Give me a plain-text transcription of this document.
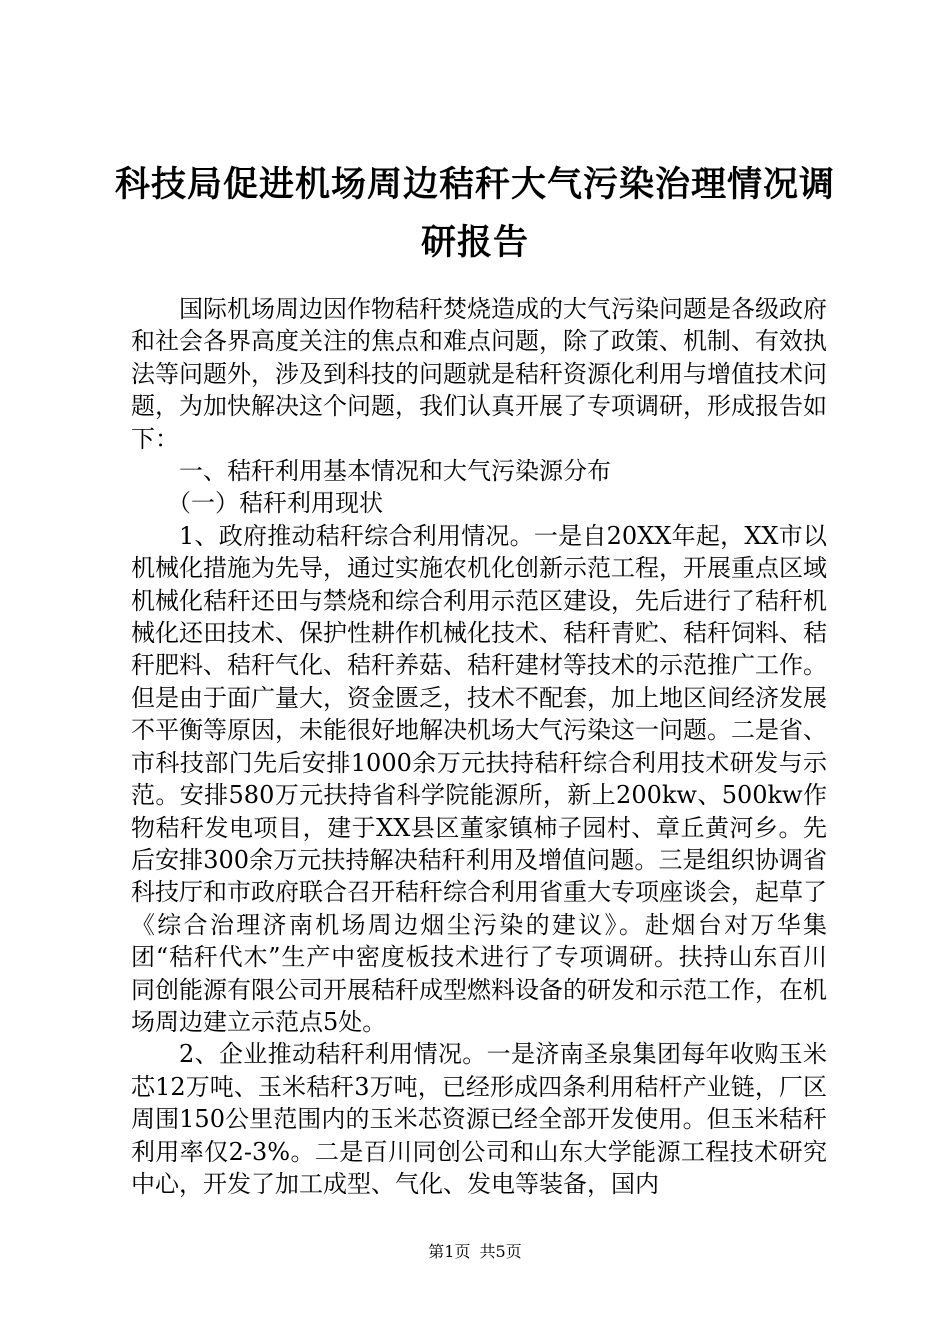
科技局促进机场周边秸秆大气污染治理情况调研报告

国际机场周边因作物秸秆焚烧造成的大气污染问题是各级政府和社会各界高度关注的焦点和难点问题，除了政策、机制、有效执法等问题外，涉及到科技的问题就是秸秆资源化利用与增值技术问题，为加快解决这个问题，我们认真开展了专项调研，形成报告如下：

一、秸秆利用基本情况和大气污染源分布

（一）秸秆利用现状

1、政府推动秸秆综合利用情况。一是自20XX年起，XX市以机械化措施为先导，通过实施农机化创新示范工程，开展重点区域机械化秸秆还田与禁烧和综合利用示范区建设，先后进行了秸秆机械化还田技术、保护性耕作机械化技术、秸秆青贮、秸秆饲料、秸秆肥料、秸秆气化、秸秆养菇、秸秆建材等技术的示范推广工作。但是由于面广量大，资金匮乏，技术不配套，加上地区间经济发展不平衡等原因，未能很好地解决机场大气污染这一问题。二是省、市科技部门先后安排1000余万元扶持秸秆综合利用技术研发与示范。安排580万元扶持省科学院能源所，新上200kw、500kw作物秸秆发电项目，建于XX县区董家镇柿子园村、章丘黄河乡。先后安排300余万元扶持解决秸秆利用及增值问题。三是组织协调省科技厅和市政府联合召开秸秆综合利用省重大专项座谈会，起草了《综合治理济南机场周边烟尘污染的建议》。赴烟台对万华集团“秸秆代木”生产中密度板技术进行了专项调研。扶持山东百川同创能源有限公司开展秸秆成型燃料设备的研发和示范工作，在机场周边建立示范点5处。

2、企业推动秸秆利用情况。一是济南圣泉集团每年收购玉米芯12万吨、玉米秸秆3万吨，已经形成四条利用秸杆产业链，厂区周围150公里范围内的玉米芯资源已经全部开发使用。但玉米秸秆利用率仅2-3%。二是百川同创公司和山东大学能源工程技术研究中心，开发了加工成型、气化、发电等装备，国内

第1页 共5页
